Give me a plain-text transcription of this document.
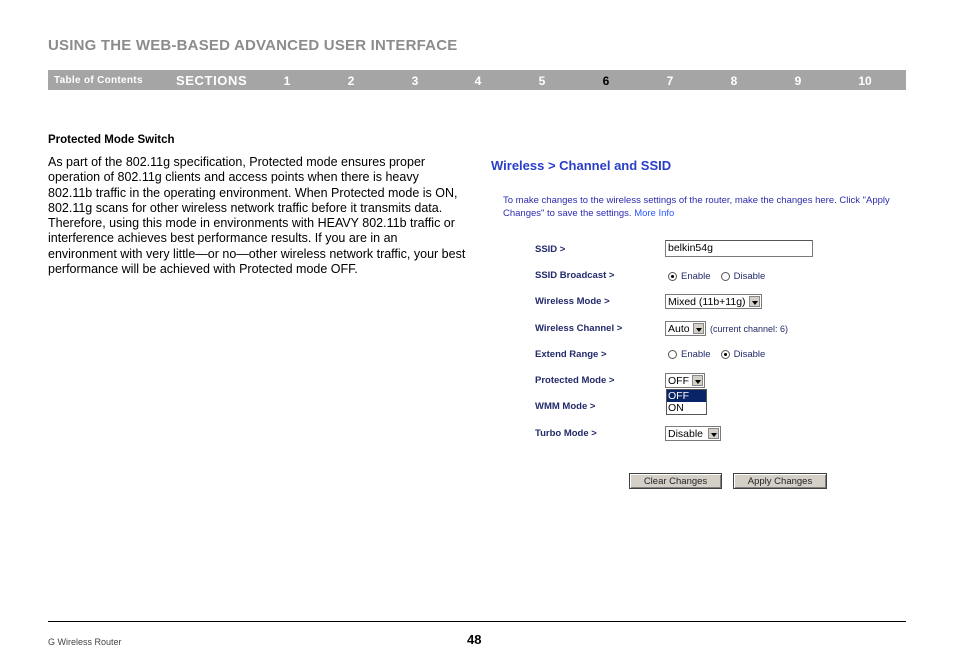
USING THE WEB-BASED ADVANCED USER INTERFACE
Table of Contents	SECTIONS	1	2	3	4	5	6	7	8	9	10
Protected Mode Switch
As part of the 802.11g specification, Protected mode ensures proper operation of 802.11g clients and access points when there is heavy 802.11b traffic in the operating environment. When Protected mode is ON, 802.11g scans for other wireless network traffic before it transmits data. Therefore, using this mode in environments with HEAVY 802.11b traffic or interference achieves best performance results. If you are in an environment with very little—or no—other wireless network traffic, your best performance will be achieved with Protected mode OFF.
Wireless > Channel and SSID
To make changes to the wireless settings of the router, make the changes here. Click "Apply Changes" to save the settings. More Info
SSID >	belkin54g
SSID Broadcast >	Enable Disable
Wireless Mode >	Mixed (11b+11g)
Wireless Channel >	Auto	(current channel: 6)
Extend Range >	Enable Disable
Protected Mode >	OFF
OFF
ON
WMM Mode >
Turbo Mode >	Disable
Clear Changes	Apply Changes
G Wireless Router	48
